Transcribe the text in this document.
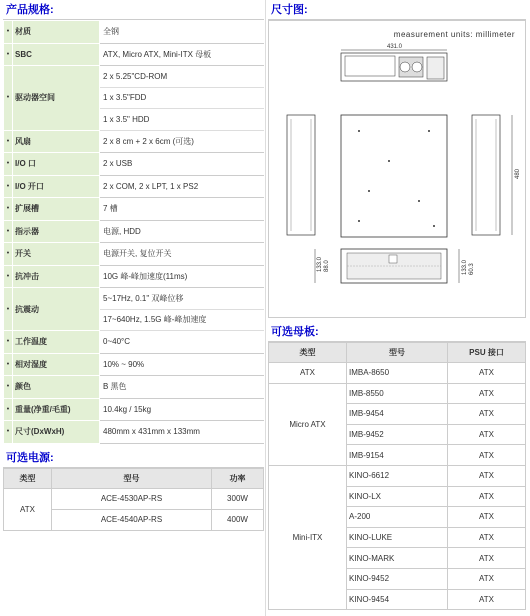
产品规格:
•	材质	全钢
•	SBC	ATX, Micro ATX, Mini-ITX 母板
•	驱动器空间	2 x 5.25"CD-ROM
		1 x 3.5"FDD
		1 x 3.5" HDD
•	风扇	2 x 8 cm + 2 x 6cm (可选)
•	I/O 口	2 x USB
•	I/O 开口	2 x COM, 2 x LPT, 1 x PS2
•	扩展槽	7 槽
•	指示器	电源, HDD
•	开关	电源开关, 复位开关
•	抗冲击	10G 峰-峰加速度(11ms)
•	抗震动	5~17Hz, 0.1" 双峰位移
		17~640Hz, 1.5G 峰-峰加速度
•	工作温度	0~40°C
•	相对湿度	10% ~ 90%
•	颜色	B 黑色
•	重量(净重/毛重)	10.4kg / 15kg
•	尺寸(DxWxH)	480mm x 431mm x 133mm
可选电源:
类型	型号	功率
ATX	ACE-4530AP-RS	300W
	ACE-4540AP-RS	400W
尺寸图:
measurement units: millimeter
431.0
480
133.0 88.0	133.0 60.3
可选母板:
类型	型号	PSU 接口
ATX	IMBA-8650	ATX
Micro ATX	IMB-8550	ATX
	IMB-9454	ATX
	IMB-9452	ATX
	IMB-9154	ATX
Mini-ITX	KINO-6612	ATX
	KINO-LX	ATX
	A-200	ATX
	KINO-LUKE	ATX
	KINO-MARK	ATX
	KINO-9452	ATX
	KINO-9454	ATX
